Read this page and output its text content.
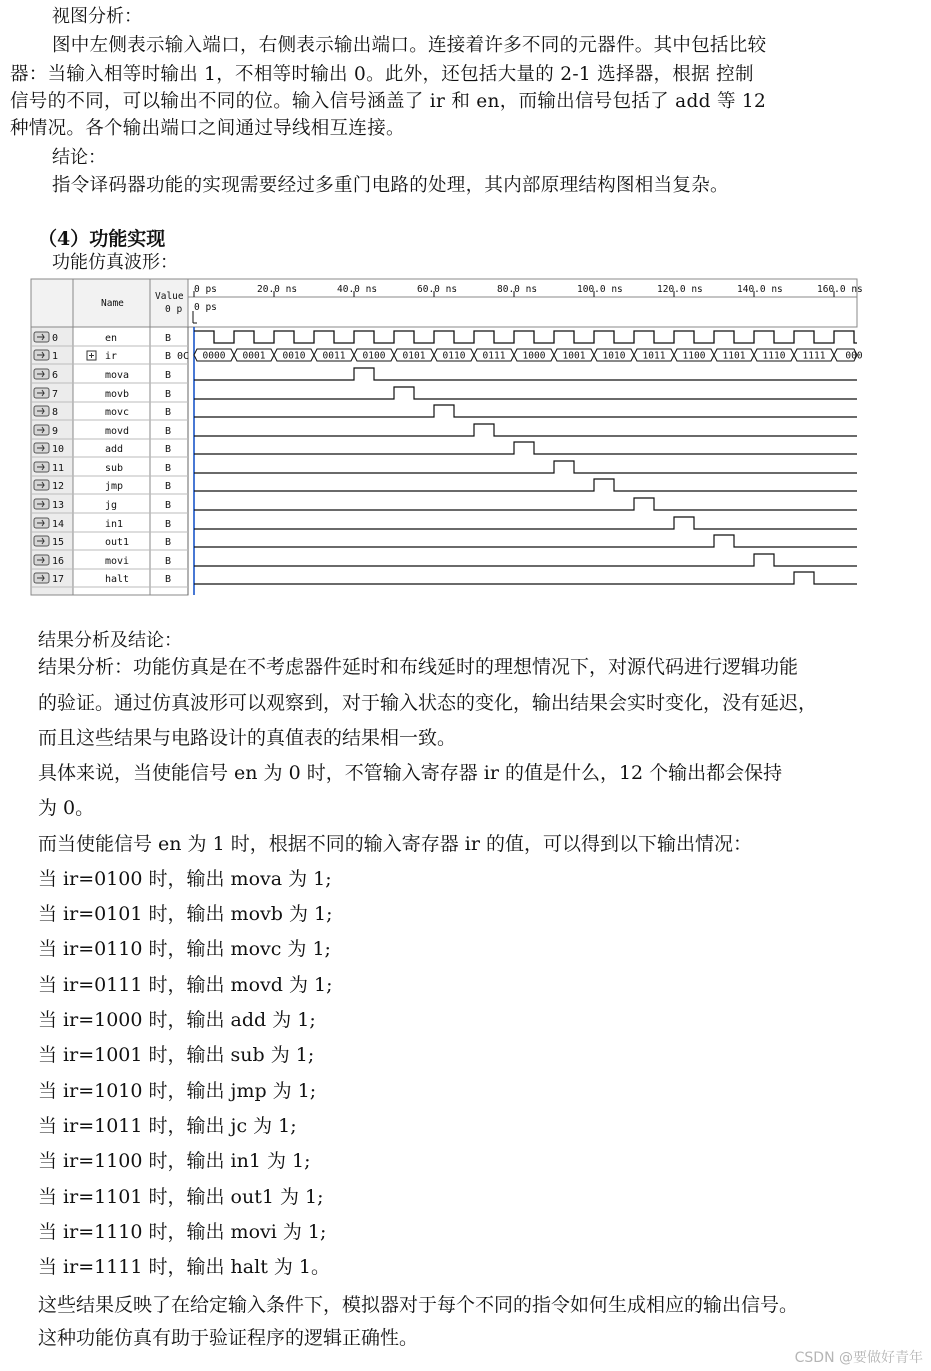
视图分析：
图中左侧表示输入端口，右侧表示输出端口。连接着许多不同的元器件。其中包括比较
器：当输入相等时输出 1，不相等时输出 0。此外，还包括大量的 2-1 选择器，根据 控制
信号的不同，可以输出不同的位。输入信号涵盖了 ir 和 en，而输出信号包括了 add 等 12
种情况。各个输出端口之间通过导线相互连接。
结论：
指令译码器功能的实现需要经过多重门电路的处理，其内部原理结构图相当复杂。
（4）功能实现
功能仿真波形：
Name
Value
0 p 0 ps
0 ps	20.0 ns	40.0 ns	60.0 ns	80.0 ns	100.0 ns	120.0 ns	140.0 ns	160.0 ns
0	en	B
1	ir	B 0C 0000 0001 0010 0011 0100 0101 0110 0111 1000 1001 1010 1011 1100 1101 1110 1111 000
6	mova	B
7	movb	B
8	movc	B
9	movd	B
10	add	B
11	sub	B
12	jmp	B
13	jg	B
14	in1	B
15	out1	B
16	movi	B
17	halt	B
结果分析及结论：
结果分析：功能仿真是在不考虑器件延时和布线延时的理想情况下，对源代码进行逻辑功能
的验证。通过仿真波形可以观察到，对于输入状态的变化，输出结果会实时变化，没有延迟，
而且这些结果与电路设计的真值表的结果相一致。
具体来说，当使能信号 en 为 0 时，不管输入寄存器 ir 的值是什么，12 个输出都会保持
为 0。
而当使能信号 en 为 1 时，根据不同的输入寄存器 ir 的值，可以得到以下输出情况：
当 ir=0100 时，输出 mova 为 1;
当 ir=0101 时，输出 movb 为 1;
当 ir=0110 时，输出 movc 为 1;
当 ir=0111 时，输出 movd 为 1;
当 ir=1000 时，输出 add 为 1;
当 ir=1001 时，输出 sub 为 1;
当 ir=1010 时，输出 jmp 为 1;
当 ir=1011 时，输出 jc 为 1;
当 ir=1100 时，输出 in1 为 1;
当 ir=1101 时，输出 out1 为 1;
当 ir=1110 时，输出 movi 为 1;
当 ir=1111 时，输出 halt 为 1。
这些结果反映了在给定输入条件下，模拟器对于每个不同的指令如何生成相应的输出信号。
这种功能仿真有助于验证程序的逻辑正确性。
CSDN @要做好青年
